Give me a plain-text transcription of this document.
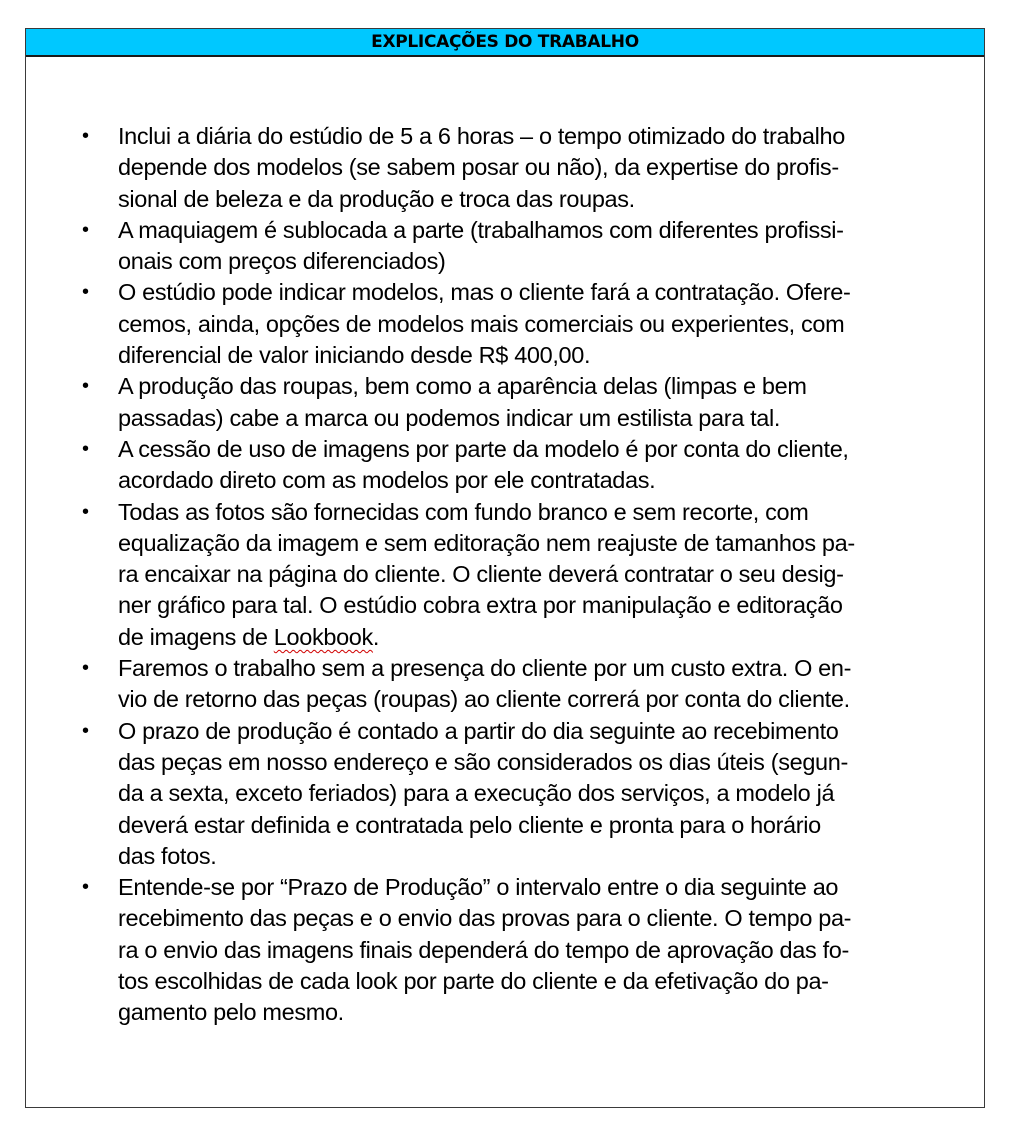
EXPLICAÇÕES DO TRABALHO
• Inclui a diária do estúdio de 5 a 6 horas – o tempo otimizado do trabalho
depende dos modelos (se sabem posar ou não), da expertise do profis-
sional de beleza e da produção e troca das roupas.
• A maquiagem é sublocada a parte (trabalhamos com diferentes profissi-
onais com preços diferenciados)
• O estúdio pode indicar modelos, mas o cliente fará a contratação. Ofere-
cemos, ainda, opções de modelos mais comerciais ou experientes, com
diferencial de valor iniciando desde R$ 400,00.
• A produção das roupas, bem como a aparência delas (limpas e bem
passadas) cabe a marca ou podemos indicar um estilista para tal.
• A cessão de uso de imagens por parte da modelo é por conta do cliente,
acordado direto com as modelos por ele contratadas.
• Todas as fotos são fornecidas com fundo branco e sem recorte, com
equalização da imagem e sem editoração nem reajuste de tamanhos pa-
ra encaixar na página do cliente. O cliente deverá contratar o seu desig-
ner gráfico para tal. O estúdio cobra extra por manipulação e editoração
de imagens de Lookbook.
• Faremos o trabalho sem a presença do cliente por um custo extra. O en-
vio de retorno das peças (roupas) ao cliente correrá por conta do cliente.
• O prazo de produção é contado a partir do dia seguinte ao recebimento
das peças em nosso endereço e são considerados os dias úteis (segun-
da a sexta, exceto feriados) para a execução dos serviços, a modelo já
deverá estar definida e contratada pelo cliente e pronta para o horário
das fotos.
• Entende-se por “Prazo de Produção” o intervalo entre o dia seguinte ao
recebimento das peças e o envio das provas para o cliente. O tempo pa-
ra o envio das imagens finais dependerá do tempo de aprovação das fo-
tos escolhidas de cada look por parte do cliente e da efetivação do pa-
gamento pelo mesmo.
